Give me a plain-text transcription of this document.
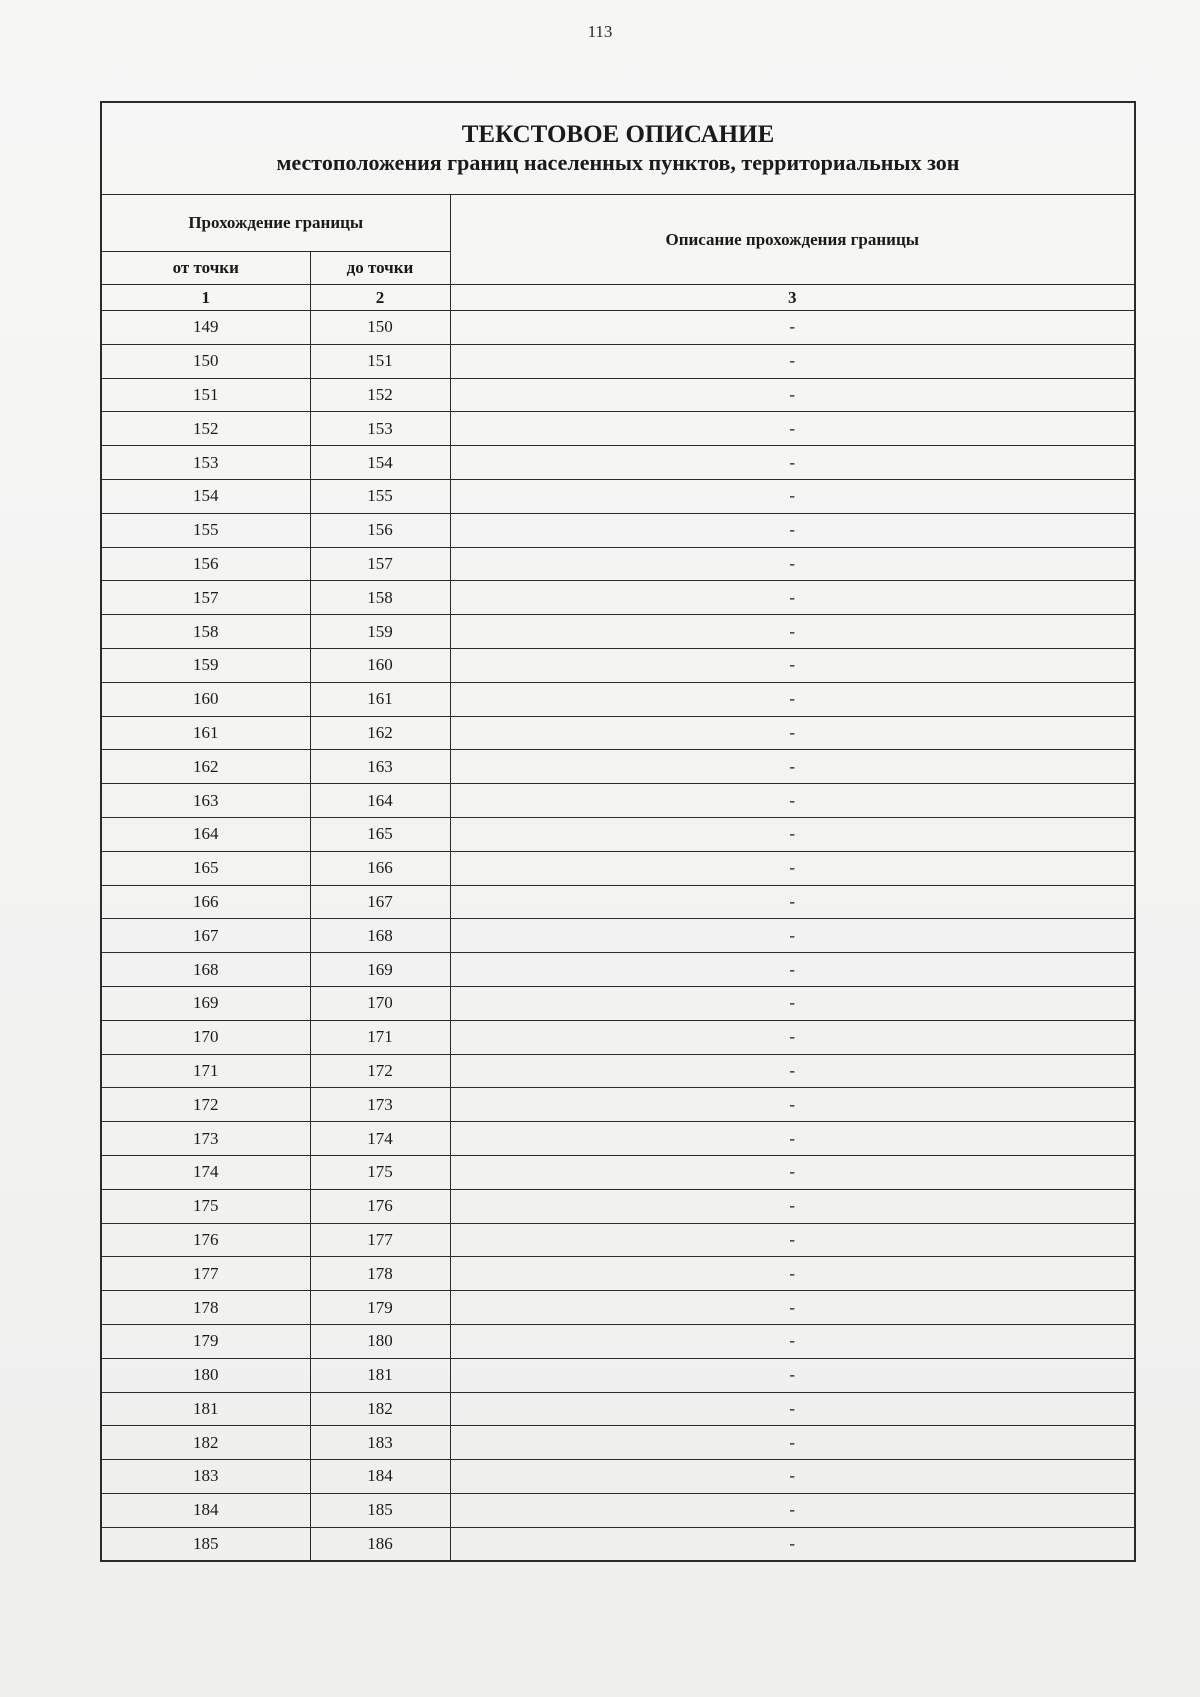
113
ТЕКСТОВОЕ ОПИСАНИЕ
местоположения границ населенных пунктов, территориальных зон
Прохождение границы		Описание прохождения границы
от точки	до точки	
1	2	3
149	150	-
150	151	-
151	152	-
152	153	-
153	154	-
154	155	-
155	156	-
156	157	-
157	158	-
158	159	-
159	160	-
160	161	-
161	162	-
162	163	-
163	164	-
164	165	-
165	166	-
166	167	-
167	168	-
168	169	-
169	170	-
170	171	-
171	172	-
172	173	-
173	174	-
174	175	-
175	176	-
176	177	-
177	178	-
178	179	-
179	180	-
180	181	-
181	182	-
182	183	-
183	184	-
184	185	-
185	186	-
